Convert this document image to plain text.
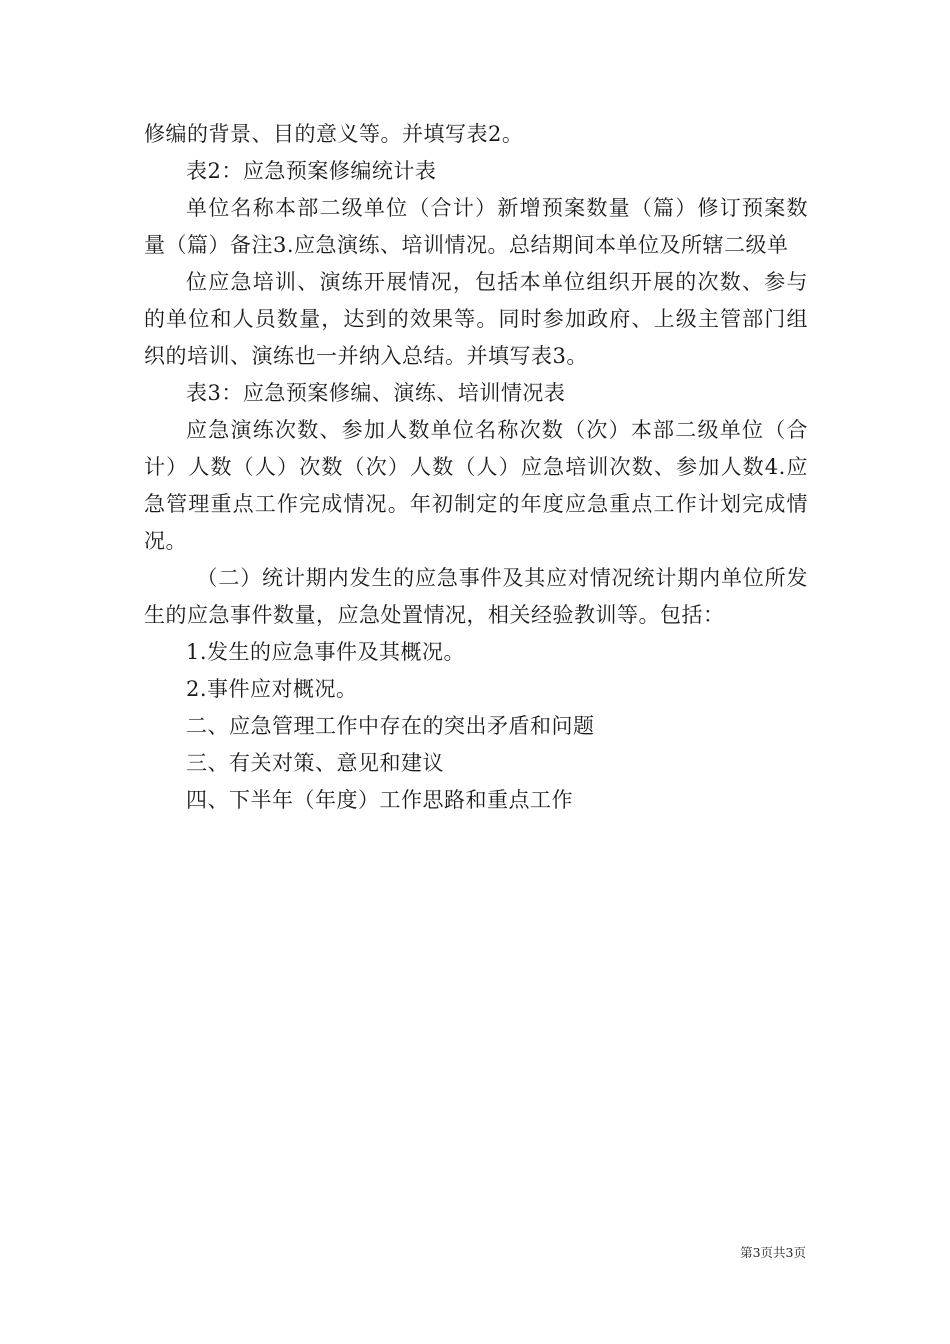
修编的背景、目的意义等。并填写表2。

表2：应急预案修编统计表

单位名称本部二级单位（合计）新增预案数量（篇）修订预案数量（篇）备注3.应急演练、培训情况。总结期间本单位及所辖二级单

位应急培训、演练开展情况，包括本单位组织开展的次数、参与的单位和人员数量，达到的效果等。同时参加政府、上级主管部门组织的培训、演练也一并纳入总结。并填写表3。

表3：应急预案修编、演练、培训情况表

应急演练次数、参加人数单位名称次数（次）本部二级单位（合计）人数（人）次数（次）人数（人）应急培训次数、参加人数4.应急管理重点工作完成情况。年初制定的年度应急重点工作计划完成情况。

（二）统计期内发生的应急事件及其应对情况统计期内单位所发生的应急事件数量，应急处置情况，相关经验教训等。包括：

1.发生的应急事件及其概况。

2.事件应对概况。

二、应急管理工作中存在的突出矛盾和问题

三、有关对策、意见和建议

四、下半年（年度）工作思路和重点工作

第3页共3页
